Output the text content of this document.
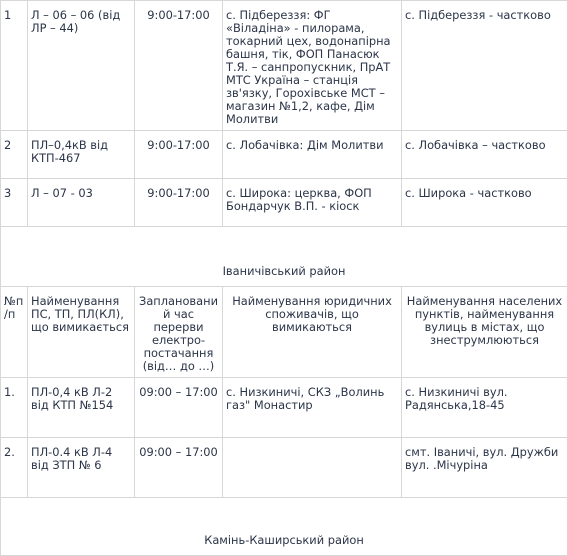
1	Л – 06 – 06 (від ЛР – 44)	9:00-17:00	с. Підбереззя: ФГ «Віладіна» - пилорама, токарний цех, водонапірна башня, тік, ФОП Панасюк Т.Я. – санпропускник, ПрАТ МТС Україна – станція зв'язку, Горохівське МСТ – магазин №1,2, кафе, Дім Молитви	с. Підбереззя - частково
2	ПЛ–0,4кВ від КТП-467	9:00-17:00	с. Лобачівка: Дім Молитви	с. Лобачівка – частково
3	Л – 07 - 03	9:00-17:00	с. Широка: церква, ФОП Бондарчук В.П. - кіоск	с. Широка - частково
Іваничівський район				
№п/п	Найменування ПС, ТП, ПЛ(КЛ), що вимикається	Запланований час перерви електро-постачання (від… до …)	Найменування юридичних споживачів, що вимикаються	Найменування населених пунктів, найменування вулиць в містах, що знеструмлюються
1.	ПЛ-0,4 кВ Л-2 від КТП №154	09:00 – 17:00	с. Низкиничі, СКЗ „Волинь газ" Монастир	с. Низкиничі вул. Радянська,18-45
2.	ПЛ-0.4 кВ Л-4 від ЗТП № 6	09:00 – 17:00		смт. Іваничі, вул. Дружби вул. .Мічуріна
Камінь-Каширський район				
